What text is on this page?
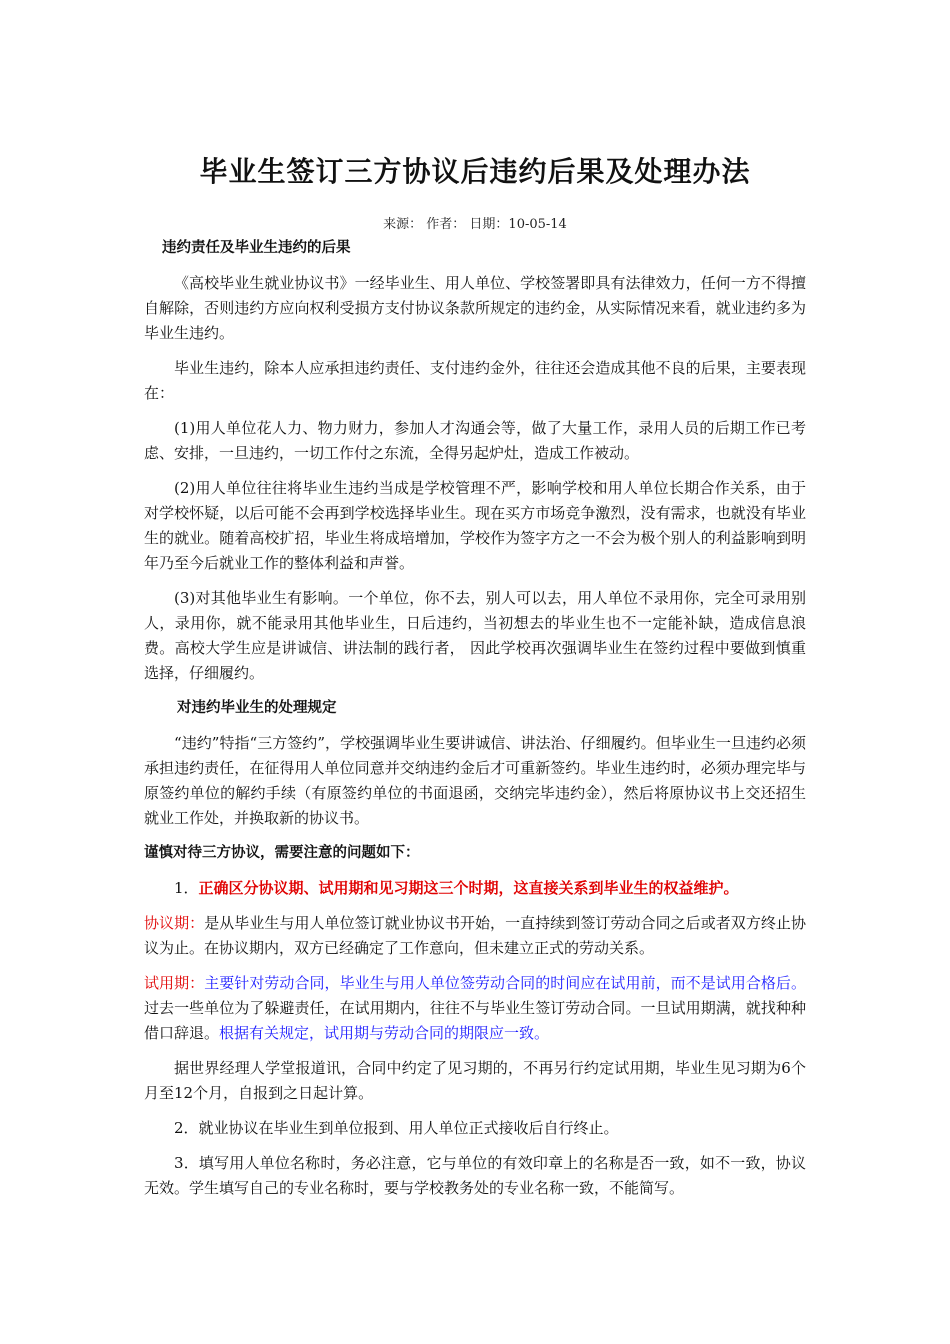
毕业生签订三方协议后违约后果及处理办法
来源： 作者： 日期：10-05-14
违约责任及毕业生违约的后果

《高校毕业生就业协议书》一经毕业生、用人单位、学校签署即具有法律效力，任何一方不得擅自解除，否则违约方应向权利受损方支付协议条款所规定的违约金，从实际情况来看，就业违约多为毕业生违约。

毕业生违约，除本人应承担违约责任、支付违约金外，往往还会造成其他不良的后果，主要表现在：

(1)用人单位花人力、物力财力，参加人才沟通会等，做了大量工作，录用人员的后期工作已考虑、安排，一旦违约，一切工作付之东流，全得另起炉灶，造成工作被动。

(2)用人单位往往将毕业生违约当成是学校管理不严，影响学校和用人单位长期合作关系，由于对学校怀疑，以后可能不会再到学校选择毕业生。现在买方市场竞争激烈，没有需求，也就没有毕业生的就业。随着高校扩招，毕业生将成培增加，学校作为签字方之一不会为极个别人的利益影响到明年乃至今后就业工作的整体利益和声誉。

(3)对其他毕业生有影响。一个单位，你不去，别人可以去，用人单位不录用你，完全可录用别人，录用你，就不能录用其他毕业生，日后违约，当初想去的毕业生也不一定能补缺，造成信息浪费。高校大学生应是讲诚信、讲法制的践行者， 因此学校再次强调毕业生在签约过程中要做到慎重选择，仔细履约。

对违约毕业生的处理规定

“违约”特指“三方签约”，学校强调毕业生要讲诚信、讲法治、仔细履约。但毕业生一旦违约必须承担违约责任，在征得用人单位同意并交纳违约金后才可重新签约。毕业生违约时，必须办理完毕与原签约单位的解约手续（有原签约单位的书面退函，交纳完毕违约金），然后将原协议书上交还招生就业工作处，并换取新的协议书。

谨慎对待三方协议，需要注意的问题如下：

1．正确区分协议期、试用期和见习期这三个时期，这直接关系到毕业生的权益维护。

协议期：是从毕业生与用人单位签订就业协议书开始，一直持续到签订劳动合同之后或者双方终止协议为止。在协议期内，双方已经确定了工作意向，但未建立正式的劳动关系。

试用期：主要针对劳动合同，毕业生与用人单位签劳动合同的时间应在试用前，而不是试用合格后。过去一些单位为了躲避责任，在试用期内，往往不与毕业生签订劳动合同。一旦试用期满，就找种种借口辞退。根据有关规定，试用期与劳动合同的期限应一致。

据世界经理人学堂报道讯，合同中约定了见习期的，不再另行约定试用期，毕业生见习期为6个月至12个月，自报到之日起计算。

2．就业协议在毕业生到单位报到、用人单位正式接收后自行终止。

3．填写用人单位名称时，务必注意，它与单位的有效印章上的名称是否一致，如不一致，协议无效。学生填写自己的专业名称时，要与学校教务处的专业名称一致，不能简写。
